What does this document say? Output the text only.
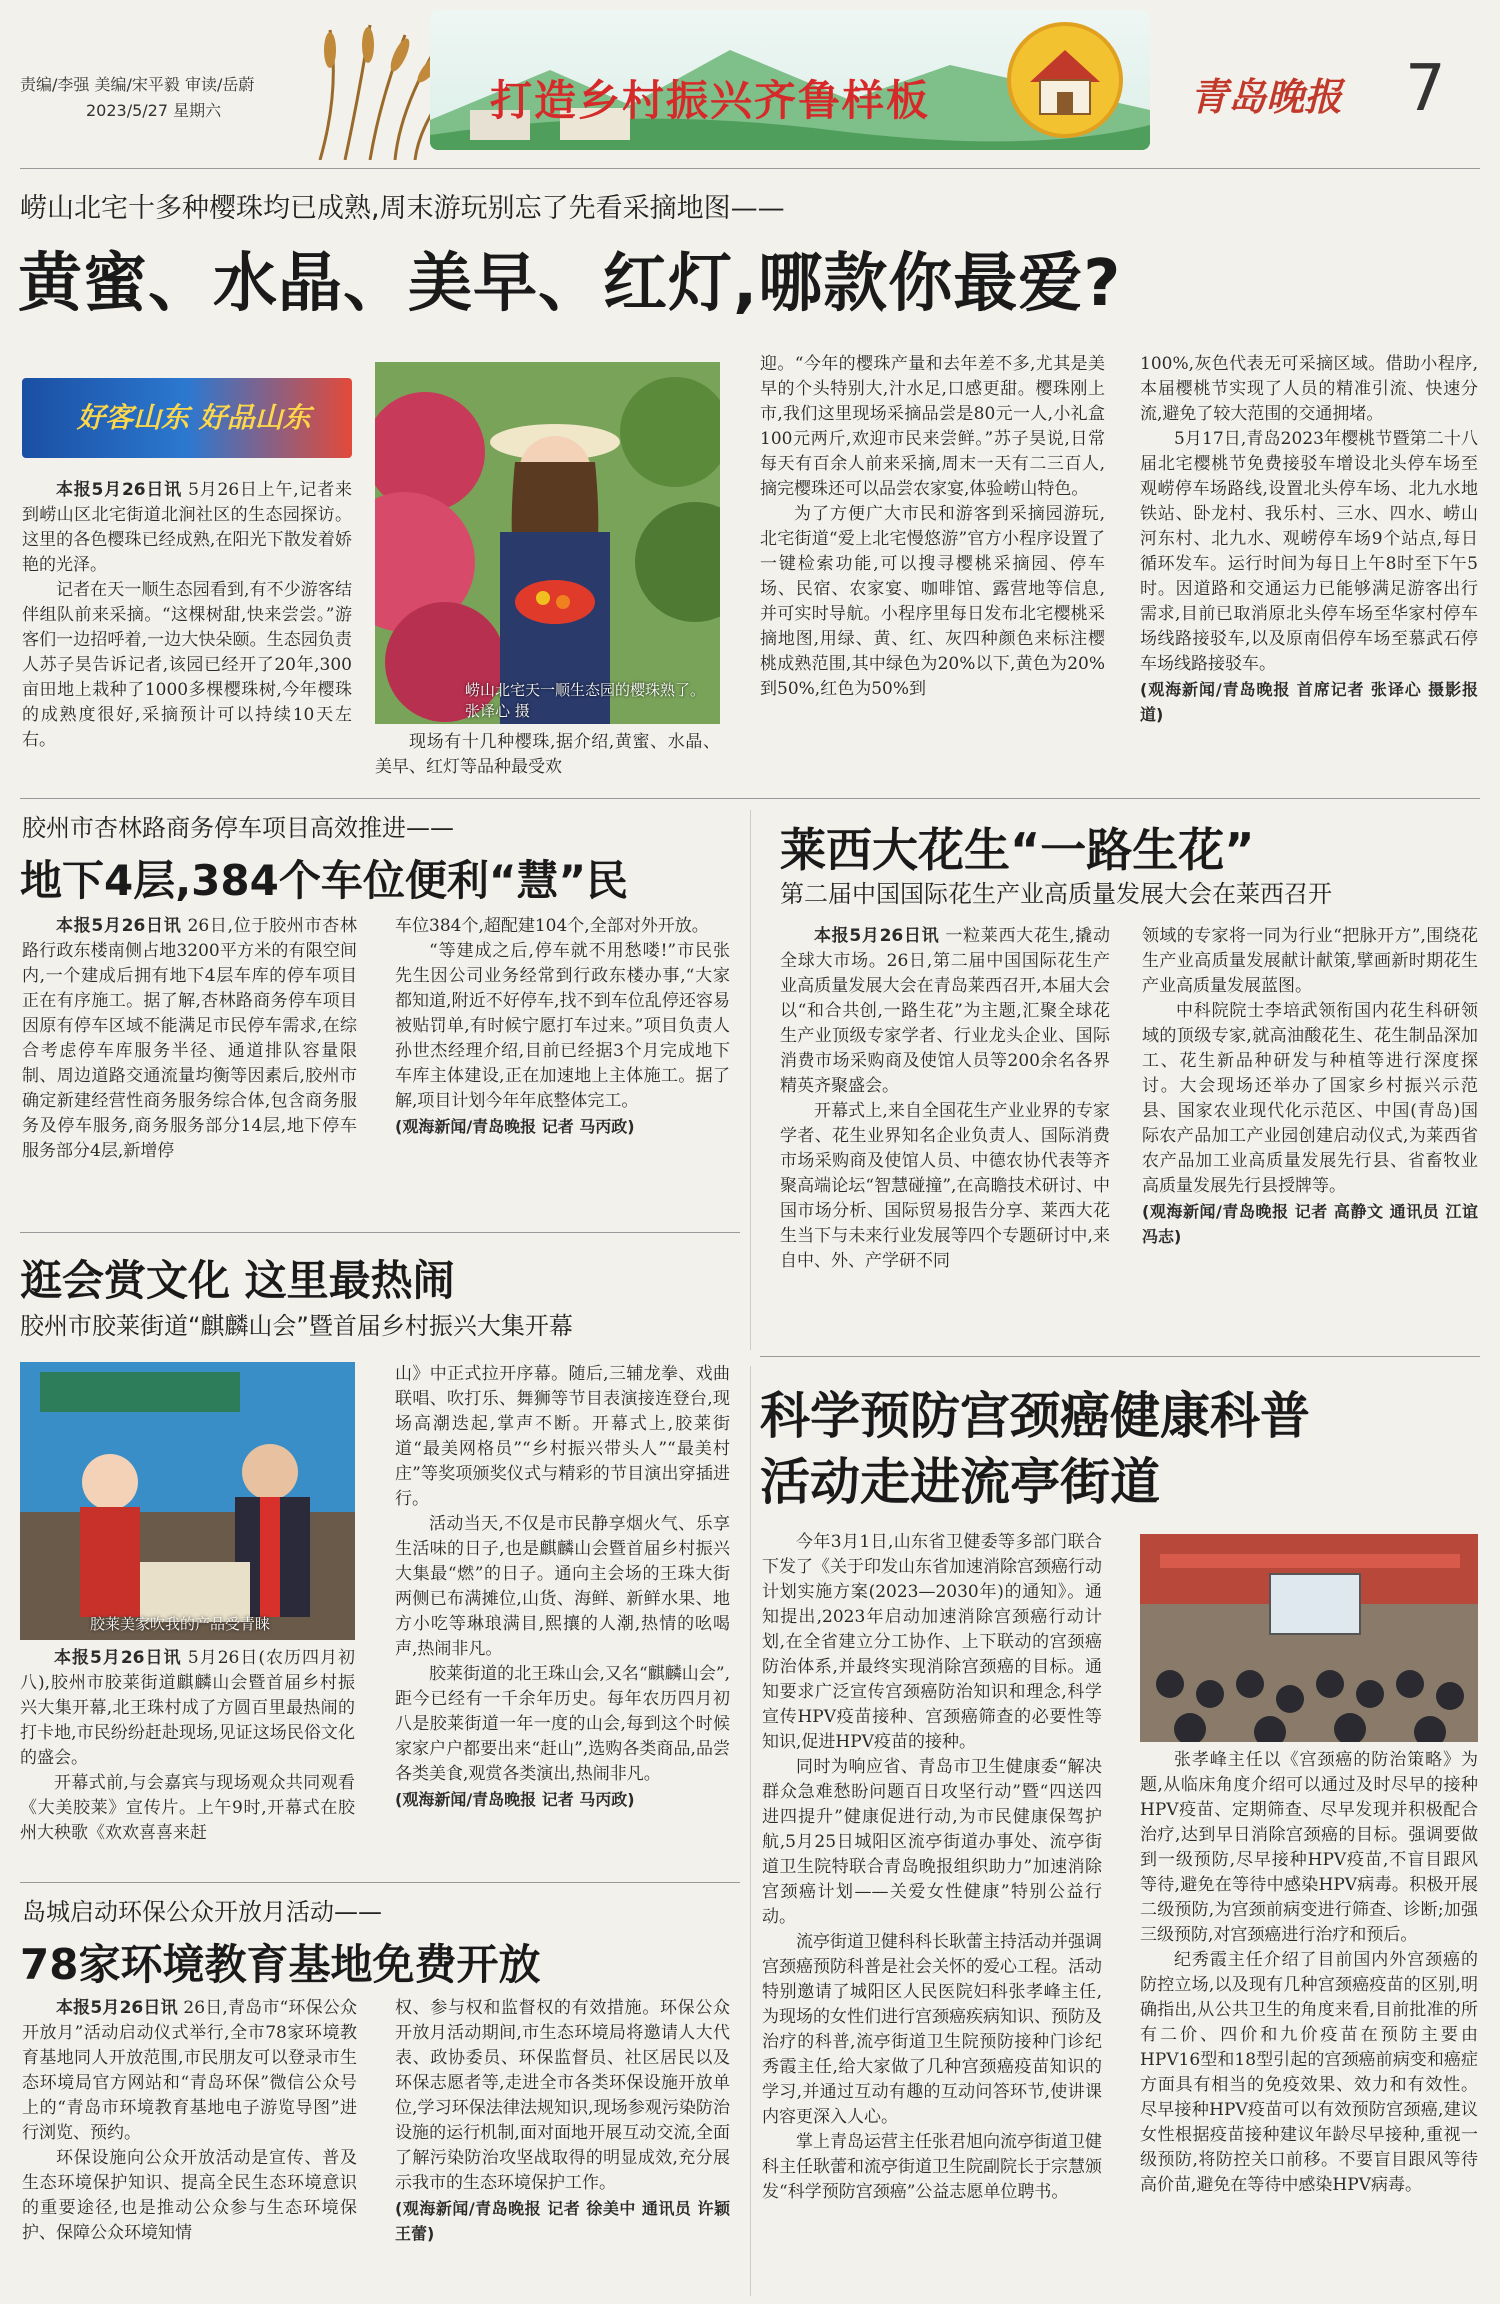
责编/李强 美编/宋平毅 审读/岳蔚
2023/5/27 星期六	打造乡村振兴齐鲁样板	青岛晚报 7
崂山北宅十多种樱珠均已成熟,周末游玩别忘了先看采摘地图——
黄蜜、水晶、美早、红灯,哪款你最爱?
好客山东 好品山东

本报5月26日讯 5月26日上午,记者来到崂山区北宅街道北涧社区的生态园探访。这里的各色樱珠已经成熟,在阳光下散发着娇艳的光泽。

记者在天一顺生态园看到,有不少游客结伴组队前来采摘。“这棵树甜,快来尝尝。”游客们一边招呼着,一边大快朵颐。生态园负责人苏子昊告诉记者,该园已经开了20年,300亩田地上栽种了1000多棵樱珠树,今年樱珠的成熟度很好,采摘预计可以持续10天左右。

崂山北宅天一顺生态园的樱珠熟了。张译心 摄

现场有十几种樱珠,据介绍,黄蜜、水晶、美早、红灯等品种最受欢

迎。“今年的樱珠产量和去年差不多,尤其是美早的个头特别大,汁水足,口感更甜。樱珠刚上市,我们这里现场采摘品尝是80元一人,小礼盒100元两斤,欢迎市民来尝鲜。”苏子昊说,日常每天有百余人前来采摘,周末一天有二三百人,摘完樱珠还可以品尝农家宴,体验崂山特色。

为了方便广大市民和游客到采摘园游玩,北宅街道“爱上北宅慢悠游”官方小程序设置了一键检索功能,可以搜寻樱桃采摘园、停车场、民宿、农家宴、咖啡馆、露营地等信息,并可实时导航。小程序里每日发布北宅樱桃采摘地图,用绿、黄、红、灰四种颜色来标注樱桃成熟范围,其中绿色为20%以下,黄色为20%到50%,红色为50%到

100%,灰色代表无可采摘区域。借助小程序,本届樱桃节实现了人员的精准引流、快速分流,避免了较大范围的交通拥堵。

5月17日,青岛2023年樱桃节暨第二十八届北宅樱桃节免费接驳车增设北头停车场至观崂停车场路线,设置北头停车场、北九水地铁站、卧龙村、我乐村、三水、四水、崂山河东村、北九水、观崂停车场9个站点,每日循环发车。运行时间为每日上午8时至下午5时。因道路和交通运力已能够满足游客出行需求,目前已取消原北头停车场至华家村停车场线路接驳车,以及原南侣停车场至慕武石停车场线路接驳车。

(观海新闻/青岛晚报 首席记者 张译心 摄影报道)

胶州市杏林路商务停车项目高效推进——
地下4层,384个车位便利“慧”民

本报5月26日讯 26日,位于胶州市杏林路行政东楼南侧占地3200平方米的有限空间内,一个建成后拥有地下4层车库的停车项目正在有序施工。据了解,杏林路商务停车项目因原有停车区域不能满足市民停车需求,在综合考虑停车库服务半径、通道排队容量限制、周边道路交通流量均衡等因素后,胶州市确定新建经营性商务服务综合体,包含商务服务及停车服务,商务服务部分14层,地下停车服务部分4层,新增停

车位384个,超配建104个,全部对外开放。

“等建成之后,停车就不用愁喽!”市民张先生因公司业务经常到行政东楼办事,“大家都知道,附近不好停车,找不到车位乱停还容易被贴罚单,有时候宁愿打车过来。”项目负责人孙世杰经理介绍,目前已经据3个月完成地下车库主体建设,正在加速地上主体施工。据了解,项目计划今年年底整体完工。

(观海新闻/青岛晚报 记者 马丙政)

莱西大花生“一路生花”
第二届中国国际花生产业高质量发展大会在莱西召开

本报5月26日讯 一粒莱西大花生,撬动全球大市场。26日,第二届中国国际花生产业高质量发展大会在青岛莱西召开,本届大会以“和合共创,一路生花”为主题,汇聚全球花生产业顶级专家学者、行业龙头企业、国际消费市场采购商及使馆人员等200余名各界精英齐聚盛会。

开幕式上,来自全国花生产业业界的专家学者、花生业界知名企业负责人、国际消费市场采购商及使馆人员、中德农协代表等齐聚高端论坛“智慧碰撞”,在高瞻技术研讨、中国市场分析、国际贸易报告分享、莱西大花生当下与未来行业发展等四个专题研讨中,来自中、外、产学研不同

领域的专家将一同为行业“把脉开方”,围绕花生产业高质量发展献计献策,擘画新时期花生产业高质量发展蓝图。

中科院院士李培武领衔国内花生科研领域的顶级专家,就高油酸花生、花生制品深加工、花生新品种研发与种植等进行深度探讨。大会现场还举办了国家乡村振兴示范县、国家农业现代化示范区、中国(青岛)国际农产品加工产业园创建启动仪式,为莱西省农产品加工业高质量发展先行县、省畜牧业高质量发展先行县授牌等。

(观海新闻/青岛晚报 记者 高静文 通讯员 江谊 冯志)

逛会赏文化 这里最热闹
胶州市胶莱街道“麒麟山会”暨首届乡村振兴大集开幕
胶莱美家吹我的产品受青睐

本报5月26日讯 5月26日(农历四月初八),胶州市胶莱街道麒麟山会暨首届乡村振兴大集开幕,北王珠村成了方圆百里最热闹的打卡地,市民纷纷赶赴现场,见证这场民俗文化的盛会。

开幕式前,与会嘉宾与现场观众共同观看《大美胶莱》宣传片。上午9时,开幕式在胶州大秧歌《欢欢喜喜来赶

山》中正式拉开序幕。随后,三辅龙拳、戏曲联唱、吹打乐、舞狮等节目表演接连登台,现场高潮迭起,掌声不断。开幕式上,胶莱街道“最美网格员”“乡村振兴带头人”“最美村庄”等奖项颁奖仪式与精彩的节目演出穿插进行。

活动当天,不仅是市民静享烟火气、乐享生活味的日子,也是麒麟山会暨首届乡村振兴大集最“燃”的日子。通向主会场的王珠大街两侧已布满摊位,山货、海鲜、新鲜水果、地方小吃等琳琅满目,熙攘的人潮,热情的吆喝声,热闹非凡。

胶莱街道的北王珠山会,又名“麒麟山会”,距今已经有一千余年历史。每年农历四月初八是胶莱街道一年一度的山会,每到这个时候家家户户都要出来“赶山”,选购各类商品,品尝各类美食,观赏各类演出,热闹非凡。

(观海新闻/青岛晚报 记者 马丙政)

岛城启动环保公众开放月活动——
78家环境教育基地免费开放

本报5月26日讯 26日,青岛市“环保公众开放月”活动启动仪式举行,全市78家环境教育基地同人开放范围,市民朋友可以登录市生态环境局官方网站和“青岛环保”微信公众号上的“青岛市环境教育基地电子游览导图”进行浏览、预约。

环保设施向公众开放活动是宣传、普及生态环境保护知识、提高全民生态环境意识的重要途径,也是推动公众参与生态环境保护、保障公众环境知情

权、参与权和监督权的有效措施。环保公众开放月活动期间,市生态环境局将邀请人大代表、政协委员、环保监督员、社区居民以及环保志愿者等,走进全市各类环保设施开放单位,学习环保法律法规知识,现场参观污染防治设施的运行机制,面对面地开展互动交流,全面了解污染防治攻坚战取得的明显成效,充分展示我市的生态环境保护工作。

(观海新闻/青岛晚报 记者 徐美中 通讯员 许颖 王蕾)

科学预防宫颈癌健康科普
活动走进流亭街道

今年3月1日,山东省卫健委等多部门联合下发了《关于印发山东省加速消除宫颈癌行动计划实施方案(2023—2030年)的通知》。通知提出,2023年启动加速消除宫颈癌行动计划,在全省建立分工协作、上下联动的宫颈癌防治体系,并最终实现消除宫颈癌的目标。通知要求广泛宣传宫颈癌防治知识和理念,科学宣传HPV疫苗接种、宫颈癌筛查的必要性等知识,促进HPV疫苗的接种。

同时为响应省、青岛市卫生健康委“解决群众急难愁盼问题百日攻坚行动”暨“四送四进四提升”健康促进行动,为市民健康保驾护航,5月25日城阳区流亭街道办事处、流亭街道卫生院特联合青岛晚报组织助力”加速消除宫颈癌计划——关爱女性健康”特别公益行动。

流亭街道卫健科科长耿蕾主持活动并强调宫颈癌预防科普是社会关怀的爱心工程。活动特别邀请了城阳区人民医院妇科张孝峰主任,为现场的女性们进行宫颈癌疾病知识、预防及治疗的科普,流亭街道卫生院预防接种门诊纪秀霞主任,给大家做了几种宫颈癌疫苗知识的学习,并通过互动有趣的互动问答环节,使讲课内容更深入人心。

掌上青岛运营主任张君旭向流亭街道卫健科主任耿蕾和流亭街道卫生院副院长于宗慧颁发“科学预防宫颈癌”公益志愿单位聘书。

张孝峰主任以《宫颈癌的防治策略》为题,从临床角度介绍可以通过及时尽早的接种HPV疫苗、定期筛查、尽早发现并积极配合治疗,达到早日消除宫颈癌的目标。强调要做到一级预防,尽早接种HPV疫苗,不盲目跟风等待,避免在等待中感染HPV病毒。积极开展二级预防,为宫颈前病变进行筛查、诊断;加强三级预防,对宫颈癌进行治疗和预后。

纪秀霞主任介绍了目前国内外宫颈癌的防控立场,以及现有几种宫颈癌疫苗的区别,明确指出,从公共卫生的角度来看,目前批准的所有二价、四价和九价疫苗在预防主要由HPV16型和18型引起的宫颈癌前病变和癌症方面具有相当的免疫效果、效力和有效性。尽早接种HPV疫苗可以有效预防宫颈癌,建议女性根据疫苗接种建议年龄尽早接种,重视一级预防,将防控关口前移。不要盲目跟风等待高价苗,避免在等待中感染HPV病毒。
